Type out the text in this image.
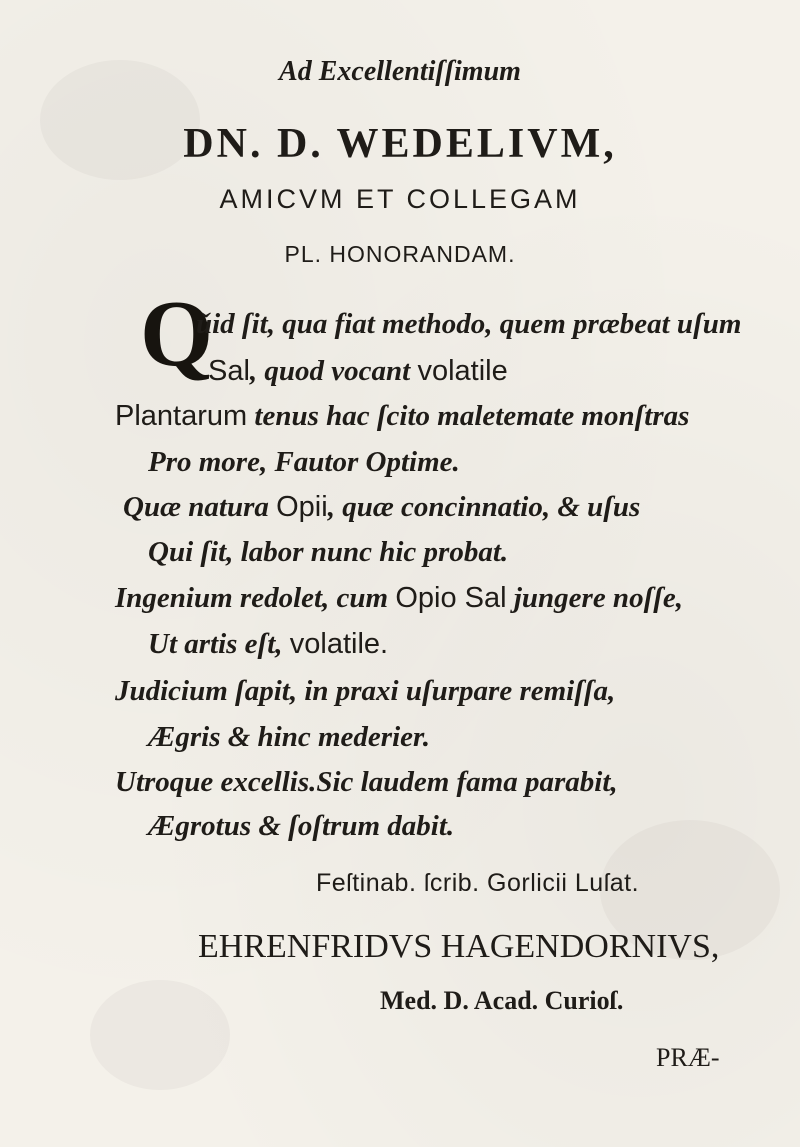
Ad Excellentiſſimum
DN. D. WEDELIVM,
AMICVM ET COLLEGAM
PL. HONORANDAM.
Q
ǔid ſit, qua fiat methodo, quem præbeat uſum
Sal, quod vocant volatile
Plantarum tenus hac ſcito maletemate monſtras
Pro more, Fautor Optime.
Quæ natura Opii, quæ concinnatio, & uſus
Qui ſit, labor nunc hic probat.
Ingenium redolet, cum Opio Sal jungere noſſe,
Ut artis eſt, volatile.
Judicium ſapit, in praxi uſurpare remiſſa,
Ægris & hinc mederier.
Utroque excellis.Sic laudem fama parabit,
Ægrotus & ſoſtrum dabit.
Feſtinab. ſcrib. Gorlicii Luſat.
EHRENFRIDVS HAGENDORNIVS,
Med. D. Acad. Curioſ.
PRÆ-
